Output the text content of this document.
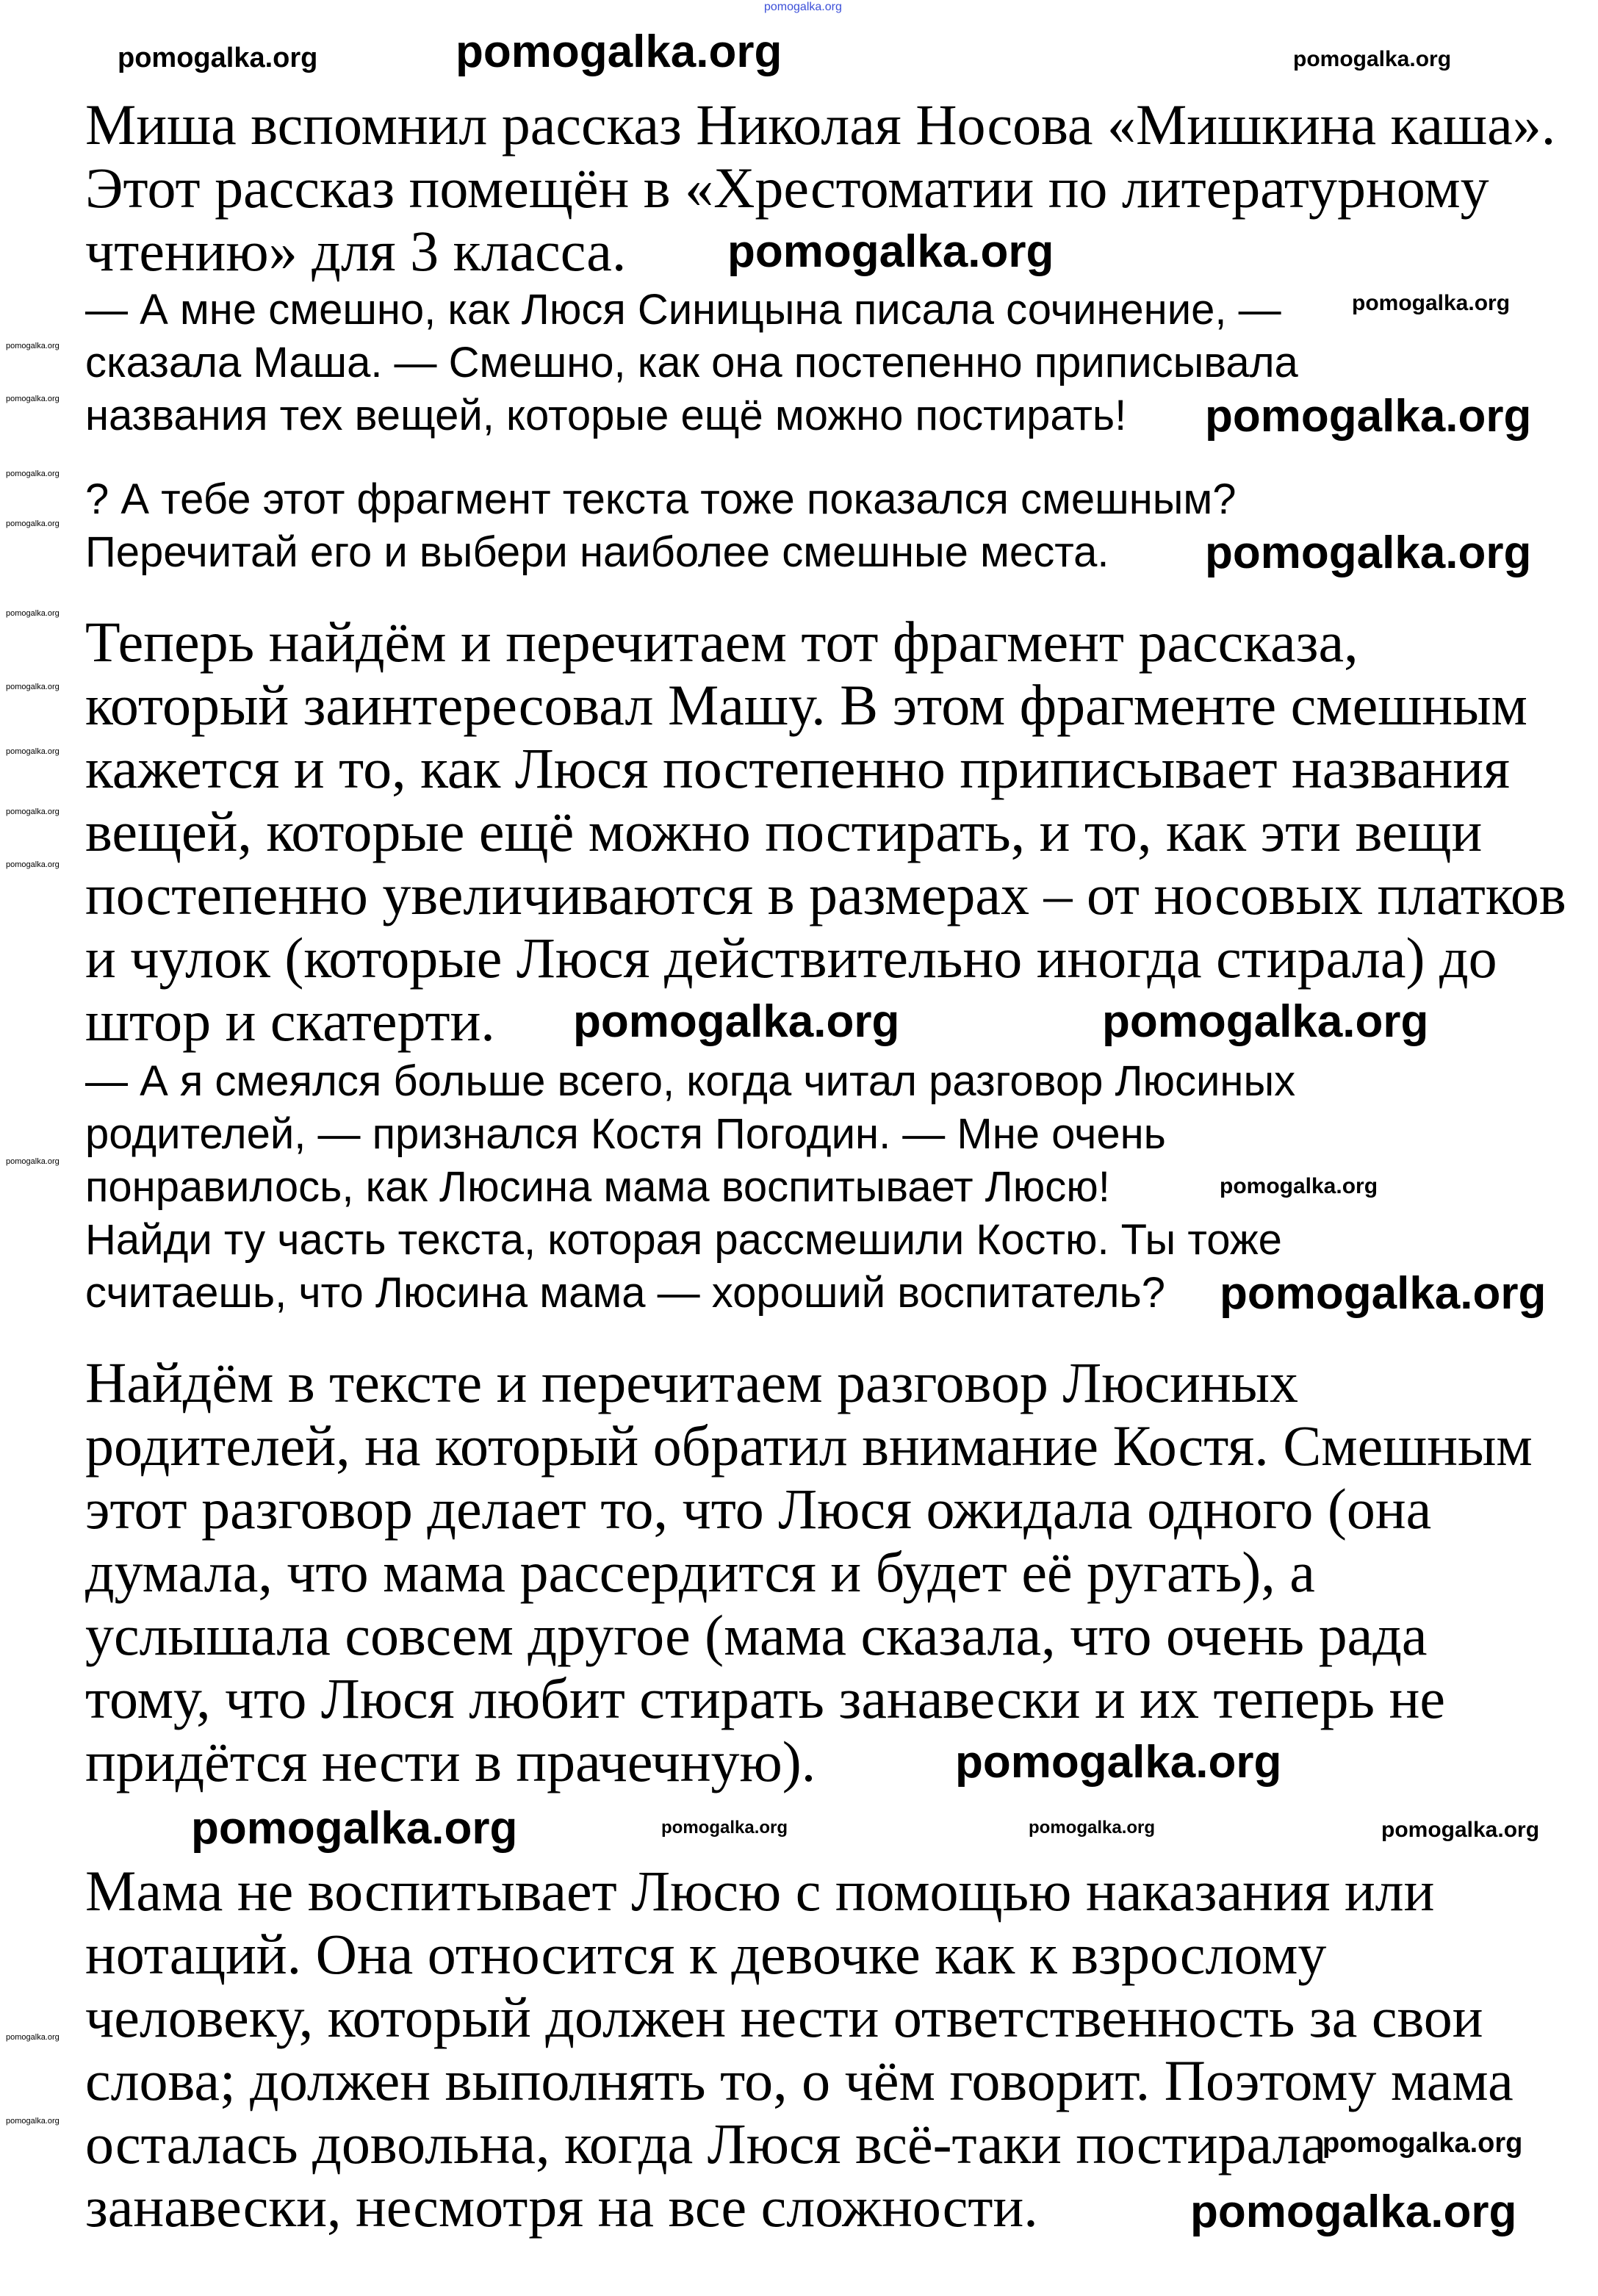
Миша вспомнил рассказ Николая Носова «Мишкина каша».
Этот рассказ помещён в «Хрестоматии по литературному
чтению» для 3 класса.
— А мне смешно, как Люся Синицына писала сочинение, —
сказала Маша. — Смешно, как она постепенно приписывала
названия тех вещей, которые ещё можно постирать!
? А тебе этот фрагмент текста тоже показался смешным?
Перечитай его и выбери наиболее смешные места.
Теперь найдём и перечитаем тот фрагмент рассказа,
который заинтересовал Машу. В этом фрагменте смешным
кажется и то, как Люся постепенно приписывает названия
вещей, которые ещё можно постирать, и то, как эти вещи
постепенно увеличиваются в размерах – от носовых платков
и чулок (которые Люся действительно иногда стирала) до
штор и скатерти.
— А я смеялся больше всего, когда читал разговор Люсиных
родителей, — признался Костя Погодин. — Мне очень
понравилось, как Люсина мама воспитывает Люсю!
Найди ту часть текста, которая рассмешили Костю. Ты тоже
считаешь, что Люсина мама — хороший воспитатель?
Найдём в тексте и перечитаем разговор Люсиных
родителей, на который обратил внимание Костя. Смешным
этот разговор делает то, что Люся ожидала одного (она
думала, что мама рассердится и будет её ругать), а
услышала совсем другое (мама сказала, что очень рада
тому, что Люся любит стирать занавески и их теперь не
придётся нести в прачечную).
Мама не воспитывает Люсю с помощью наказания или
нотаций. Она относится к девочке как к взрослому
человеку, который должен нести ответственность за свои
слова; должен выполнять то, о чём говорит. Поэтому мама
осталась довольна, когда Люся всё-таки постирала
занавески, несмотря на все сложности.
pomogalka.org
pomogalka.org	pomogalka.org	pomogalka.org
pomogalka.org
pomogalka.org
pomogalka.org
pomogalka.org
pomogalka.org
pomogalka.org
pomogalka.org
pomogalka.org
pomogalka.org
pomogalka.org
pomogalka.org
pomogalka.org
pomogalka.org
pomogalka.org	pomogalka.org
pomogalka.org
pomogalka.org
pomogalka.org
pomogalka.org
pomogalka.org	pomogalka.org	pomogalka.org	pomogalka.org
pomogalka.org
pomogalka.org
pomogalka.org
pomogalka.org
